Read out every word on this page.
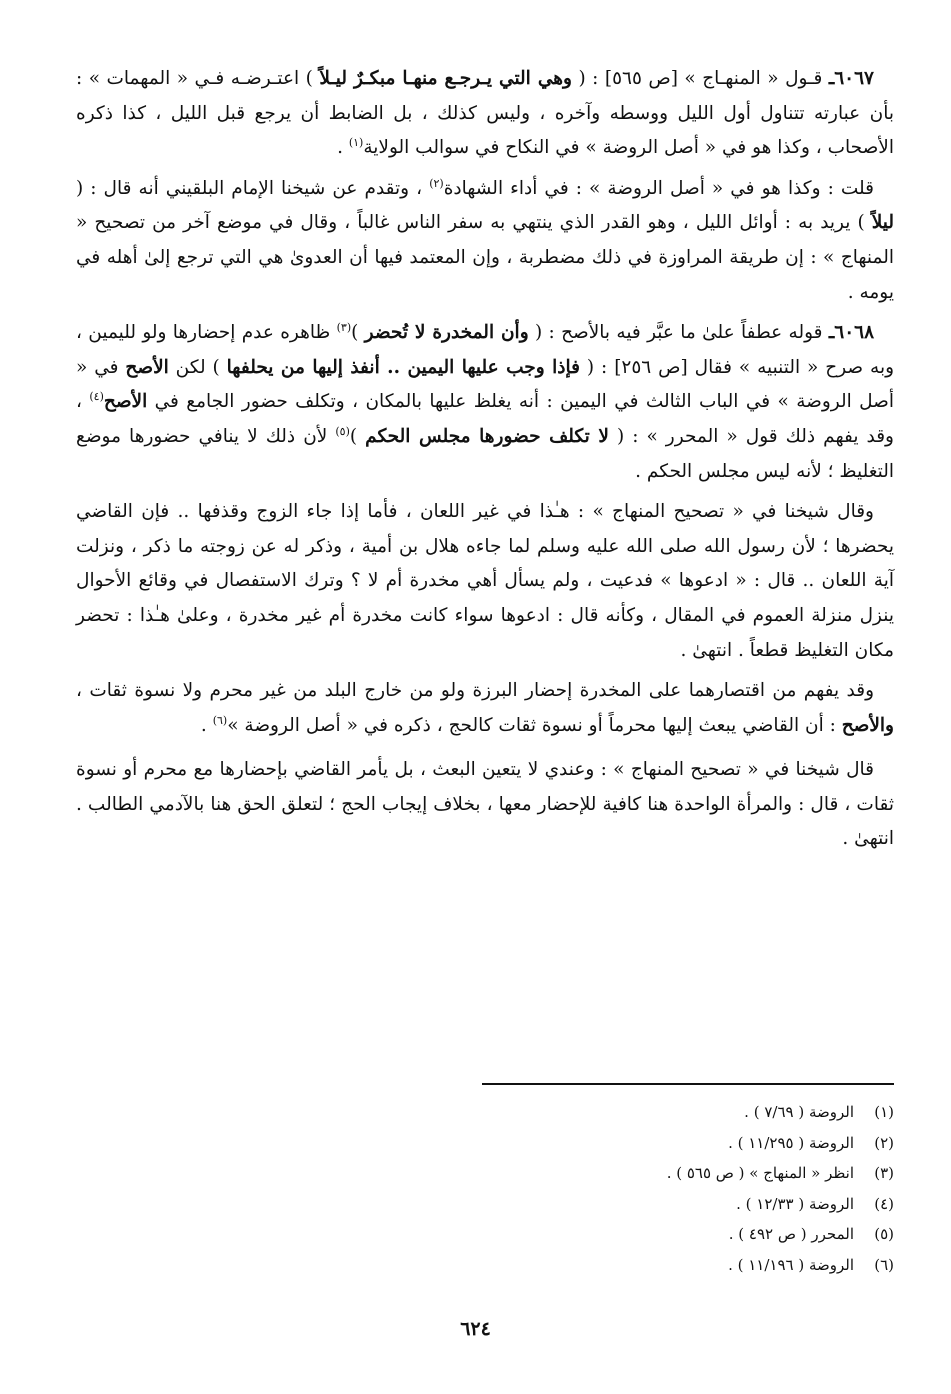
٦٠٦٧ـ قـول « المنهـاج » [ص ٥٦٥] : ( وهي التي يـرجـع منهـا مبكـرٌ ليـلاً ) اعتـرضـه فـي « المهمات » : بأن عبارته تتناول أول الليل ووسطه وآخره ، وليس كذلك ، بل الضابط أن يرجع قبل الليل ، كذا ذكره الأصحاب ، وكذا هو في « أصل الروضة » في النكاح في سوالب الولاية$^{(١)}$ .

قلت : وكذا هو في « أصل الروضة » : في أداء الشهادة$^{(٢)}$ ، وتقدم عن شيخنا الإمام البلقيني أنه قال : ( ليلاً ) يريد به : أوائل الليل ، وهو القدر الذي ينتهي به سفر الناس غالباً ، وقال في موضع آخر من تصحيح « المنهاج » : إن طريقة المراوزة في ذلك مضطربة ، وإن المعتمد فيها أن العدوىٰ هي التي ترجع إلىٰ أهله في يومه .

٦٠٦٨ـ قوله عطفاً علىٰ ما عبَّر فيه بالأصح : ( وأن المخدرة لا تُحضر )$^{(٣)}$ ظاهره عدم إحضارها ولو لليمين ، وبه صرح « التنبيه » فقال [ص ٢٥٦] : ( فإذا وجب عليها اليمين .. أنفذ إليها من يحلفها ) لكن الأصح في « أصل الروضة » في الباب الثالث في اليمين : أنه يغلظ عليها بالمكان ، وتكلف حضور الجامع في الأصح$^{(٤)}$ ، وقد يفهم ذلك قول « المحرر » : ( لا تكلف حضورها مجلس الحكم )$^{(٥)}$ لأن ذلك لا ينافي حضورها موضع التغليظ ؛ لأنه ليس مجلس الحكم .

وقال شيخنا في « تصحيح المنهاج » : هـٰذا في غير اللعان ، فأما إذا جاء الزوج وقذفها .. فإن القاضي يحضرها ؛ لأن رسول الله صلى الله عليه وسلم لما جاءه هلال بن أمية ، وذكر له عن زوجته ما ذكر ، ونزلت آية اللعان .. قال : « ادعوها » فدعيت ، ولم يسأل أهي مخدرة أم لا ؟ وترك الاستفصال في وقائع الأحوال ينزل منزلة العموم في المقال ، وكأنه قال : ادعوها سواء كانت مخدرة أم غير مخدرة ، وعلىٰ هـٰذا : تحضر مكان التغليظ قطعاً . انتهىٰ .

وقد يفهم من اقتصارهما على المخدرة إحضار البرزة ولو من خارج البلد من غير محرم ولا نسوة ثقات ، والأصح : أن القاضي يبعث إليها محرماً أو نسوة ثقات كالحج ، ذكره في « أصل الروضة »$^{(٦)}$ .

قال شيخنا في « تصحيح المنهاج » : وعندي لا يتعين البعث ، بل يأمر القاضي بإحضارها مع محرم أو نسوة ثقات ، قال : والمرأة الواحدة هنا كافية للإحضار معها ، بخلاف إيجاب الحج ؛ لتعلق الحق هنا بالآدمي الطالب . انتهىٰ .

(١)الروضة ( ٧/٦٩ ) .
(٢)الروضة ( ١١/٢٩٥ ) .
(٣)انظر « المنهاج » ( ص ٥٦٥ ) .
(٤)الروضة ( ١٢/٣٣ ) .
(٥)المحرر ( ص ٤٩٢ ) .
(٦)الروضة ( ١١/١٩٦ ) .
٦٢٤
